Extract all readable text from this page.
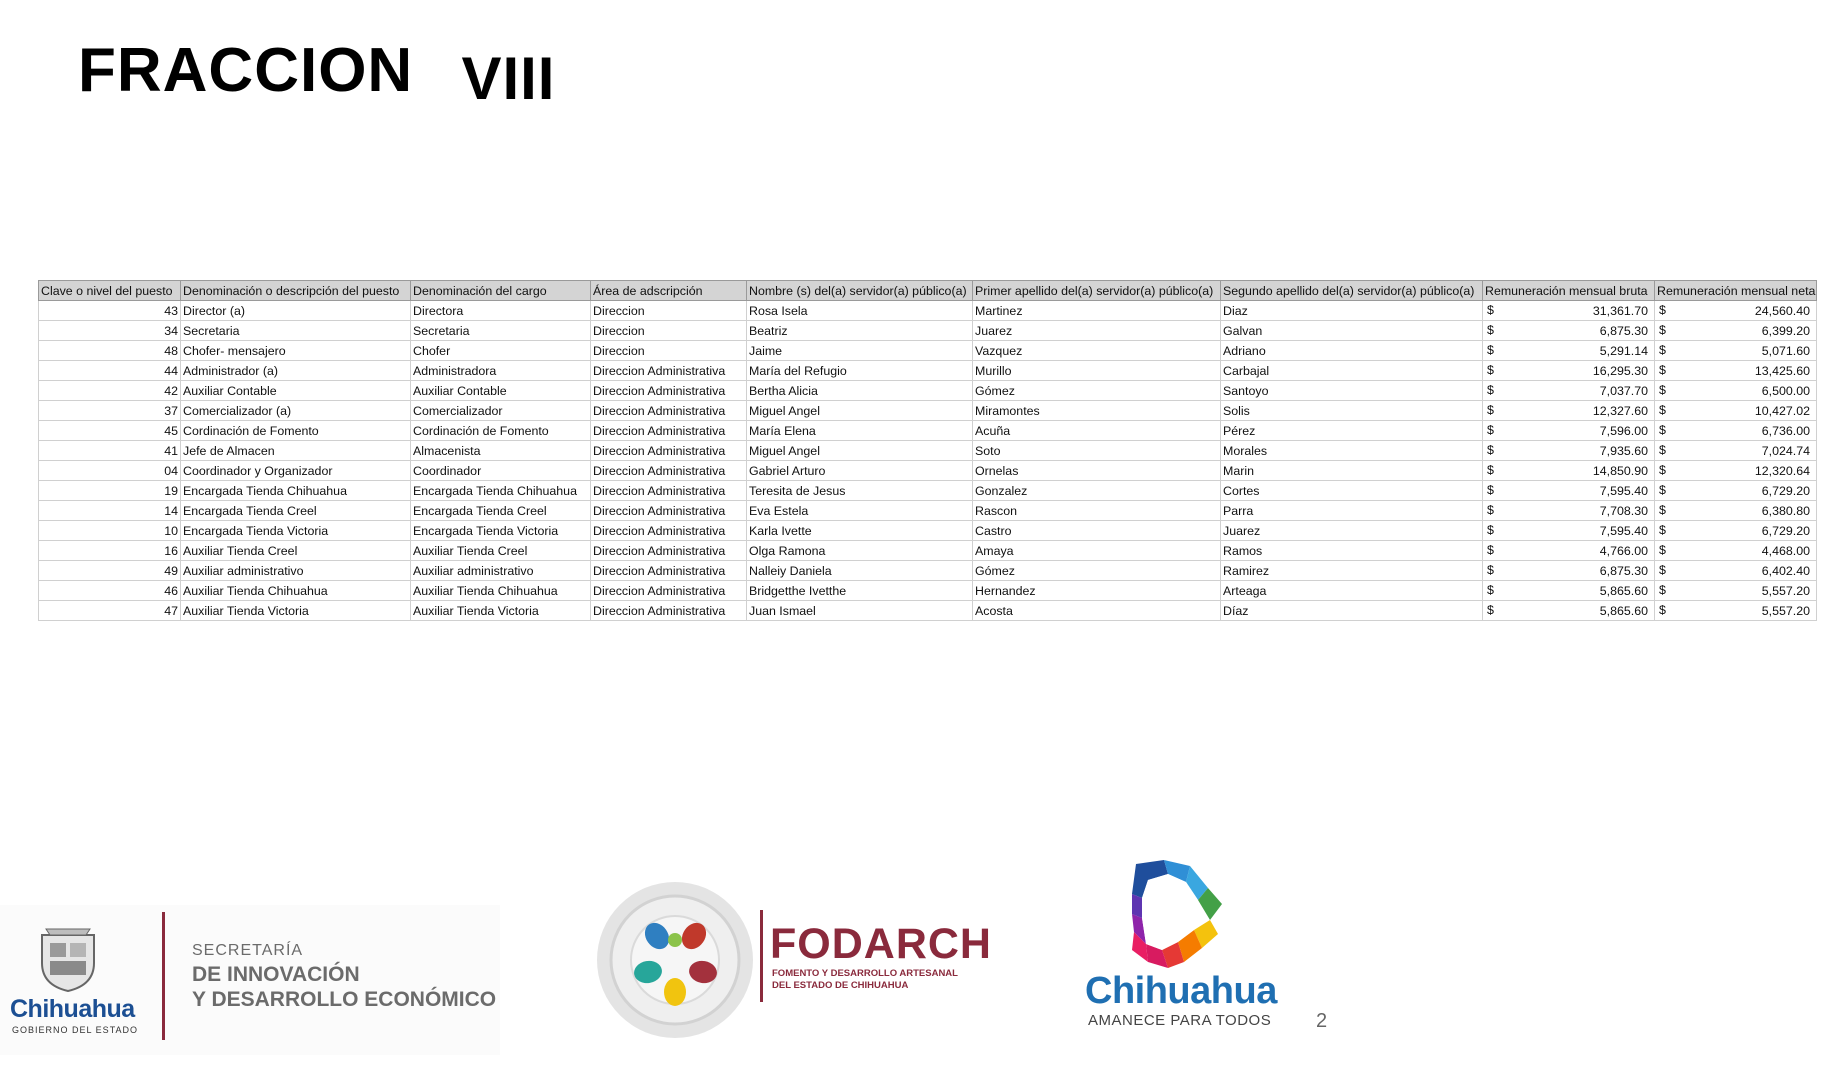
FRACCION VIII
Clave o nivel del puesto	Denominación o descripción del puesto	Denominación del cargo	Área de adscripción	Nombre (s) del(a) servidor(a) público(a)	Primer apellido del(a) servidor(a) público(a)	Segundo apellido del(a) servidor(a) público(a)	Remuneración mensual bruta	Remuneración mensual neta
43	Director (a)	Directora	Direccion	Rosa Isela	Martinez	Diaz	$ 31,361.70	$ 24,560.40

34	Secretaria	Secretaria	Direccion	Beatriz	Juarez	Galvan	$ 6,875.30	$ 6,399.20

48	Chofer- mensajero	Chofer	Direccion	Jaime	Vazquez	Adriano	$ 5,291.14	$ 5,071.60

44	Administrador (a)	Administradora	Direccion Administrativa	María del Refugio	Murillo	Carbajal	$ 16,295.30	$ 13,425.60

42	Auxiliar Contable	Auxiliar Contable	Direccion Administrativa	Bertha Alicia	Gómez	Santoyo	$ 7,037.70	$ 6,500.00

37	Comercializador (a)	Comercializador	Direccion Administrativa	Miguel Angel	Miramontes	Solis	$ 12,327.60	$ 10,427.02

45	Cordinación de Fomento	Cordinación de Fomento	Direccion Administrativa	María Elena	Acuña	Pérez	$ 7,596.00	$ 6,736.00

41	Jefe de Almacen	Almacenista	Direccion Administrativa	Miguel Angel	Soto	Morales	$ 7,935.60	$ 7,024.74

04	Coordinador y Organizador	Coordinador	Direccion Administrativa	Gabriel Arturo	Ornelas	Marin	$ 14,850.90	$ 12,320.64

19	Encargada Tienda Chihuahua	Encargada Tienda Chihuahua	Direccion Administrativa	Teresita de Jesus	Gonzalez	Cortes	$ 7,595.40	$ 6,729.20

14	Encargada Tienda Creel	Encargada Tienda Creel	Direccion Administrativa	Eva Estela	Rascon	Parra	$ 7,708.30	$ 6,380.80

10	Encargada Tienda Victoria	Encargada Tienda Victoria	Direccion Administrativa	Karla Ivette	Castro	Juarez	$ 7,595.40	$ 6,729.20

16	Auxiliar Tienda Creel	Auxiliar Tienda Creel	Direccion Administrativa	Olga Ramona	Amaya	Ramos	$ 4,766.00	$ 4,468.00

49	Auxiliar administrativo	Auxiliar administrativo	Direccion Administrativa	Nalleiy Daniela	Gómez	Ramirez	$ 6,875.30	$ 6,402.40

46	Auxiliar Tienda Chihuahua	Auxiliar Tienda Chihuahua	Direccion Administrativa	Bridgetthe Ivetthe	Hernandez	Arteaga	$ 5,865.60	$ 5,557.20

47	Auxiliar Tienda Victoria	Auxiliar Tienda Victoria	Direccion Administrativa	Juan Ismael	Acosta	Díaz	$ 5,865.60	$ 5,557.20
Chihuahua
GOBIERNO DEL ESTADO
SECRETARÍA
DE INNOVACIÓN
Y DESARROLLO ECONÓMICO
FODARCH
FOMENTO Y DESARROLLO ARTESANAL
DEL ESTADO DE CHIHUAHUA	Chihuahua
AMANECE PARA TODOS 2
